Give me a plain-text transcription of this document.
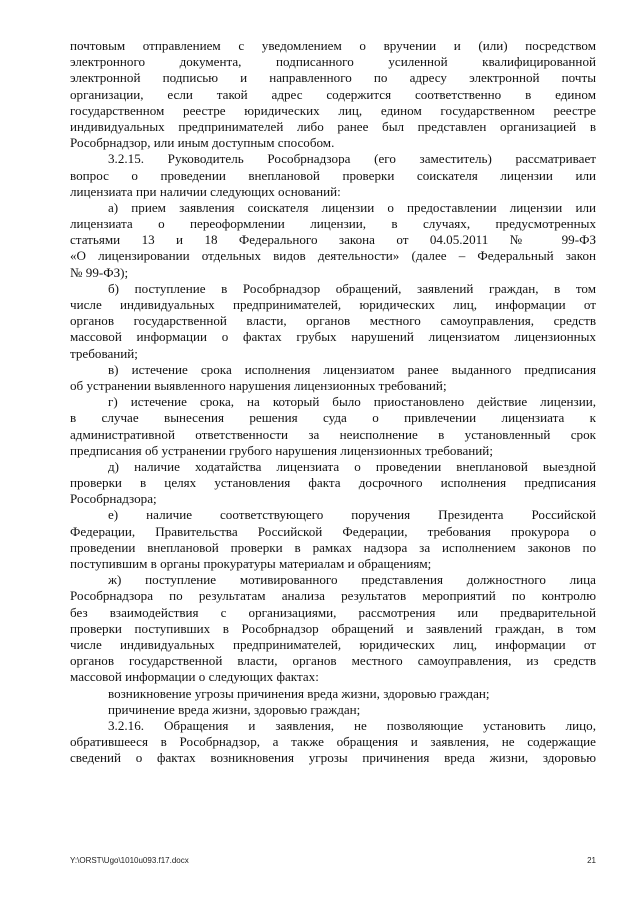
почтовым отправлением с уведомлением о вручении и (или) посредством
электронного документа, подписанного усиленной квалифицированной
электронной подписью и направленного по адресу электронной почты
организации, если такой адрес содержится соответственно в едином
государственном реестре юридических лиц, едином государственном реестре
индивидуальных предпринимателей либо ранее был представлен организацией в
Рособрнадзор, или иным доступным способом.
3.2.15. Руководитель Рособрнадзора (его заместитель) рассматривает
вопрос о проведении внеплановой проверки соискателя лицензии или
лицензиата при наличии следующих оснований:
а) прием заявления соискателя лицензии о предоставлении лицензии или
лицензиата о переоформлении лицензии, в случаях, предусмотренных
статьями 13 и 18 Федерального закона от 04.05.2011 № 99-ФЗ
«О лицензировании отдельных видов деятельности» (далее – Федеральный закон
№ 99-ФЗ);
б) поступление в Рособрнадзор обращений, заявлений граждан, в том
числе индивидуальных предпринимателей, юридических лиц, информации от
органов государственной власти, органов местного самоуправления, средств
массовой информации о фактах грубых нарушений лицензиатом лицензионных
требований;
в) истечение срока исполнения лицензиатом ранее выданного предписания
об устранении выявленного нарушения лицензионных требований;
г) истечение срока, на который было приостановлено действие лицензии,
в случае вынесения решения суда о привлечении лицензиата к
административной ответственности за неисполнение в установленный срок
предписания об устранении грубого нарушения лицензионных требований;
д) наличие ходатайства лицензиата о проведении внеплановой выездной
проверки в целях установления факта досрочного исполнения предписания
Рособрнадзора;
е) наличие соответствующего поручения Президента Российской
Федерации, Правительства Российской Федерации, требования прокурора о
проведении внеплановой проверки в рамках надзора за исполнением законов по
поступившим в органы прокуратуры материалам и обращениям;
ж) поступление мотивированного представления должностного лица
Рособрнадзора по результатам анализа результатов мероприятий по контролю
без взаимодействия с организациями, рассмотрения или предварительной
проверки поступивших в Рособрнадзор обращений и заявлений граждан, в том
числе индивидуальных предпринимателей, юридических лиц, информации от
органов государственной власти, органов местного самоуправления, из средств
массовой информации о следующих фактах:
возникновение угрозы причинения вреда жизни, здоровью граждан;
причинение вреда жизни, здоровью граждан;
3.2.16. Обращения и заявления, не позволяющие установить лицо,
обратившееся в Рособрнадзор, а также обращения и заявления, не содержащие
сведений о фактах возникновения угрозы причинения вреда жизни, здоровью
Y:\ORST\Ugo\1010u093.f17.docx	21
